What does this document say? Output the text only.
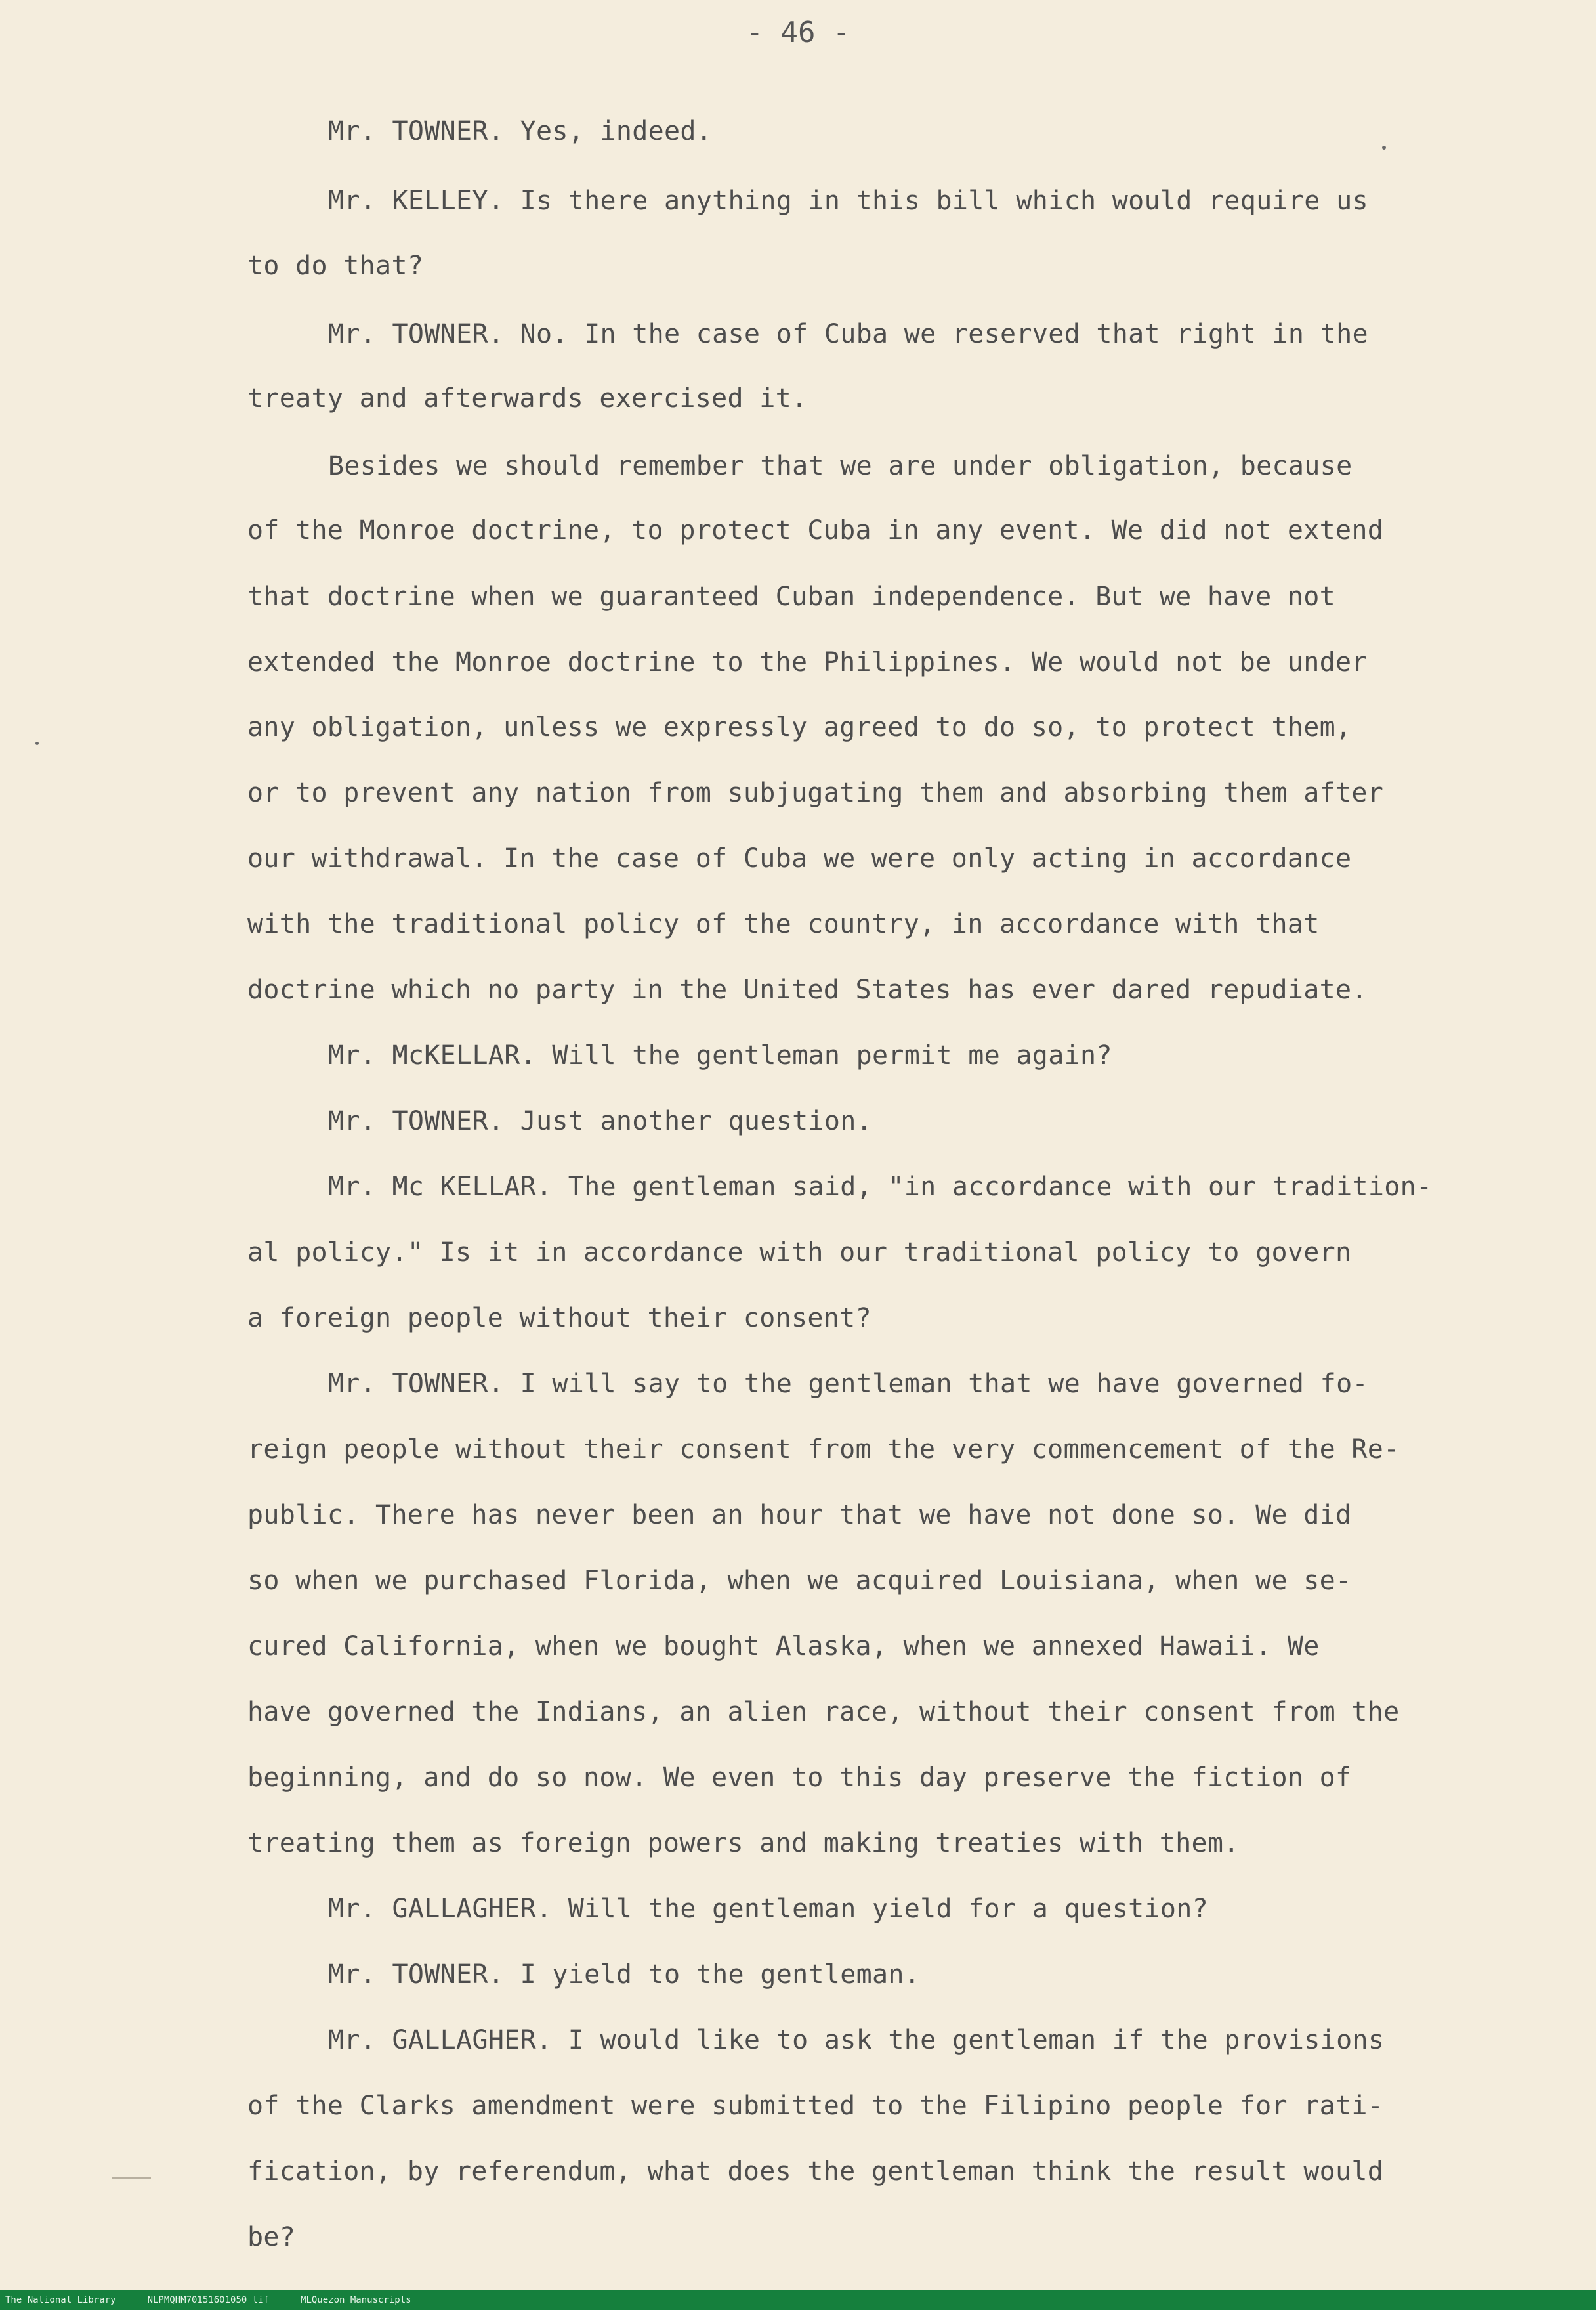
- 46 -
Mr. TOWNER. Yes, indeed.
Mr. KELLEY. Is there anything in this bill which would require us
to do that?
Mr. TOWNER. No. In the case of Cuba we reserved that right in the
treaty and afterwards exercised it.
Besides we should remember that we are under obligation, because
of the Monroe doctrine, to protect Cuba in any event. We did not extend
that doctrine when we guaranteed Cuban independence. But we have not
extended the Monroe doctrine to the Philippines. We would not be under
any obligation, unless we expressly agreed to do so, to protect them,
or to prevent any nation from subjugating them and absorbing them after
our withdrawal. In the case of Cuba we were only acting in accordance
with the traditional policy of the country, in accordance with that
doctrine which no party in the United States has ever dared repudiate.
Mr. McKELLAR. Will the gentleman permit me again?
Mr. TOWNER. Just another question.
Mr. Mc KELLAR. The gentleman said, "in accordance with our tradition-
al policy." Is it in accordance with our traditional policy to govern
a foreign people without their consent?
Mr. TOWNER. I will say to the gentleman that we have governed fo-
reign people without their consent from the very commencement of the Re-
public. There has never been an hour that we have not done so. We did
so when we purchased Florida, when we acquired Louisiana, when we se-
cured California, when we bought Alaska, when we annexed Hawaii. We
have governed the Indians, an alien race, without their consent from the
beginning, and do so now. We even to this day preserve the fiction of
treating them as foreign powers and making treaties with them.
Mr. GALLAGHER. Will the gentleman yield for a question?
Mr. TOWNER. I yield to the gentleman.
Mr. GALLAGHER. I would like to ask the gentleman if the provisions
of the Clarks amendment were submitted to the Filipino people for rati-
fication, by referendum, what does the gentleman think the result would
be?
The National Library	NLPMQHM70151601050 tif	MLQuezon Manuscripts
